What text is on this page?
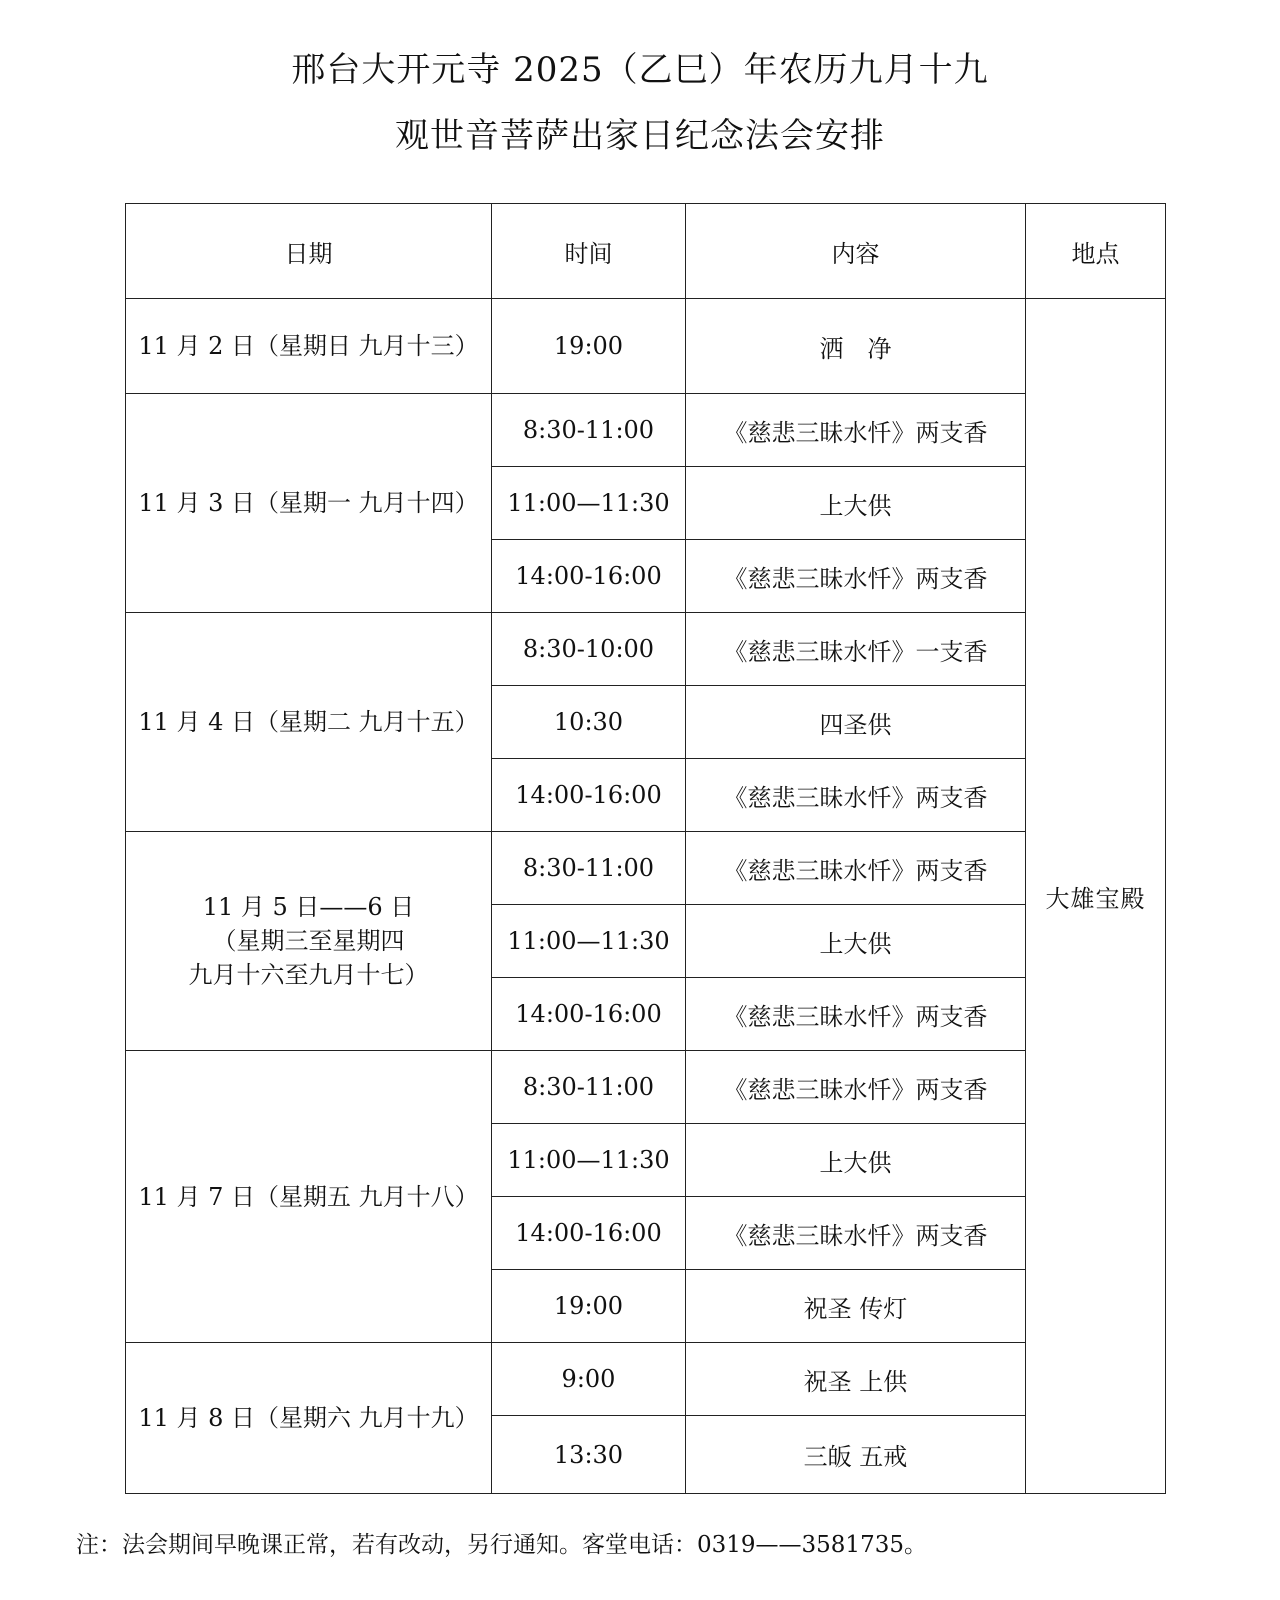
邢台大开元寺 2025（乙巳）年农历九月十九
观世音菩萨出家日纪念法会安排
日期	时间	内容	地点

11 月 2 日（星期日 九月十三）	19:00	洒　净	大雄宝殿

11 月 3 日（星期一 九月十四）	8:30-11:00	《慈悲三昧水忏》两支香	
	11:00—11:30	上大供	
	14:00-16:00	《慈悲三昧水忏》两支香	

11 月 4 日（星期二 九月十五）	8:30-10:00	《慈悲三昧水忏》一支香	
	10:30	四圣供	
	14:00-16:00	《慈悲三昧水忏》两支香	

11 月 5 日——6 日
（星期三至星期四
九月十六至九月十七）	8:30-11:00	《慈悲三昧水忏》两支香	
	11:00—11:30	上大供	
	14:00-16:00	《慈悲三昧水忏》两支香	

11 月 7 日（星期五 九月十八）	8:30-11:00	《慈悲三昧水忏》两支香	
	11:00—11:30	上大供	
	14:00-16:00	《慈悲三昧水忏》两支香	
	19:00	祝圣 传灯	

11 月 8 日（星期六 九月十九）	9:00	祝圣 上供	
	13:30	三皈 五戒	
注：法会期间早晚课正常，若有改动，另行通知。客堂电话：0319——3581735。
